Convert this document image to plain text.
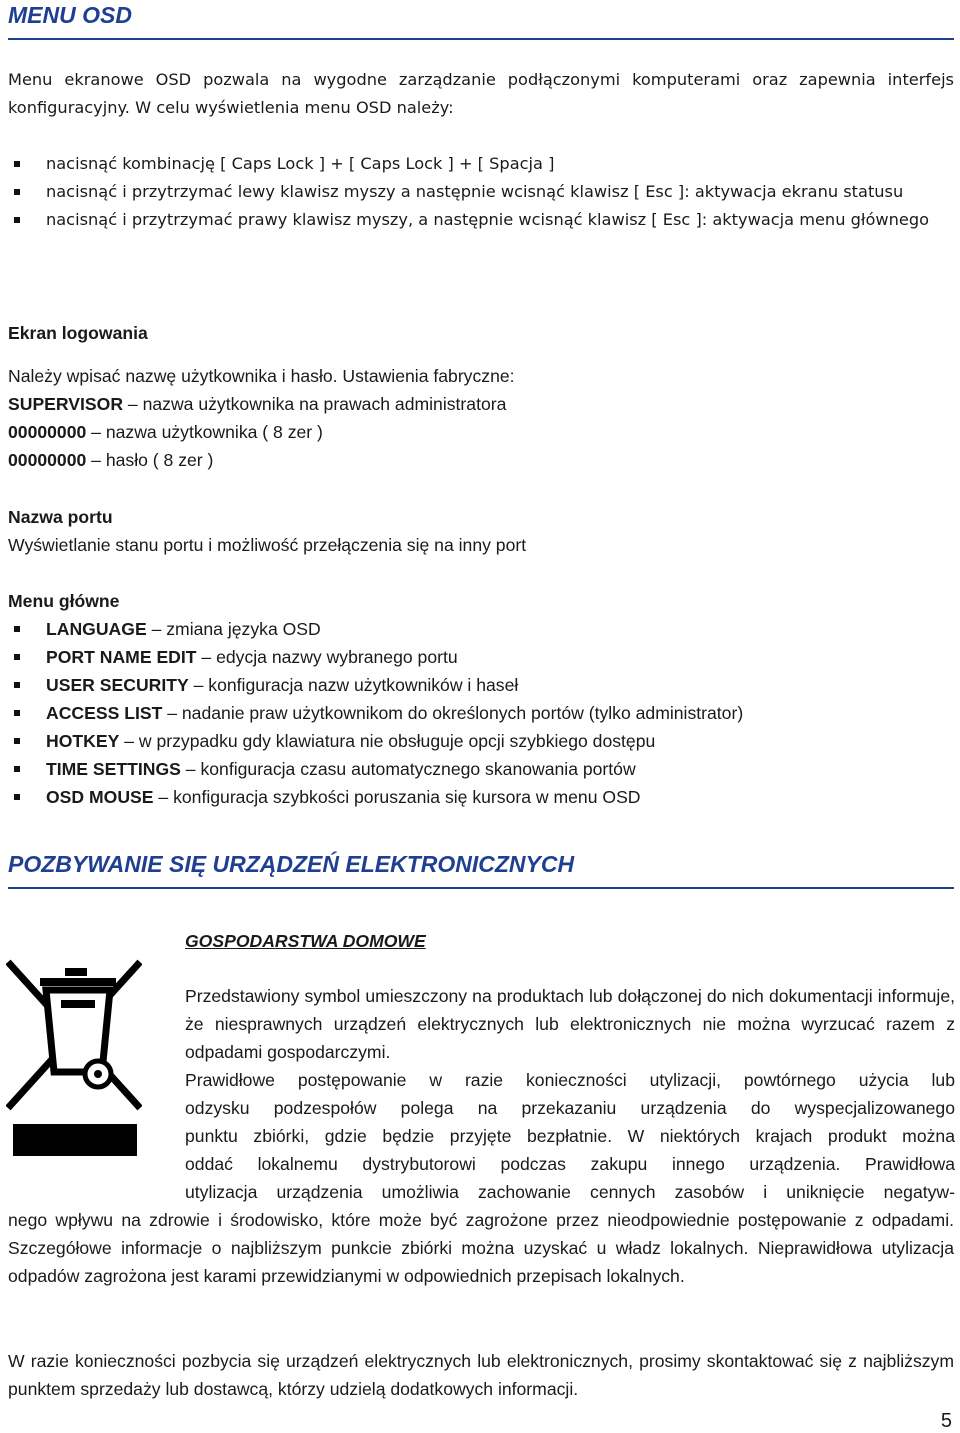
MENU OSD
Menu ekranowe OSD pozwala na wygodne zarządzanie podłączonymi komputerami oraz zapewnia interfejs konfiguracyjny. W celu wyświetlenia menu OSD należy:
nacisnąć kombinację [ Caps Lock ] + [ Caps Lock ] + [ Spacja ]
nacisnąć i przytrzymać lewy klawisz myszy a następnie wcisnąć klawisz [ Esc ]: aktywacja ekranu statusu
nacisnąć i przytrzymać prawy klawisz myszy, a następnie wcisnąć klawisz [ Esc ]: aktywacja menu głównego
Ekran logowania
Należy wpisać nazwę użytkownika i hasło. Ustawienia fabryczne:
SUPERVISOR – nazwa użytkownika na prawach administratora
00000000 – nazwa użytkownika ( 8 zer )
00000000 – hasło ( 8 zer )
Nazwa portu
Wyświetlanie stanu portu i możliwość przełączenia się na inny port
Menu główne
LANGUAGE – zmiana języka OSD
PORT NAME EDIT – edycja nazwy wybranego portu
USER SECURITY – konfiguracja nazw użytkowników i haseł
ACCESS LIST – nadanie praw użytkownikom do określonych portów (tylko administrator)
HOTKEY – w przypadku gdy klawiatura nie obsługuje opcji szybkiego dostępu
TIME SETTINGS – konfiguracja czasu automatycznego skanowania portów
OSD MOUSE – konfiguracja szybkości poruszania się kursora w menu OSD
POZBYWANIE SIĘ URZĄDZEŃ ELEKTRONICZNYCH
GOSPODARSTWA DOMOWE
Przedstawiony symbol umieszczony na produktach lub dołączonej do nich dokumentacji informuje, że niesprawnych urządzeń elektrycznych lub elektronicznych nie można wyrzucać razem z odpadami gospodarczymi.
Prawidłowe postępowanie w razie konieczności utylizacji, powtórnego użycia lub
odzysku podzespołów polega na przekazaniu urządzenia do wyspecjalizowanego
punktu zbiórki, gdzie będzie przyjęte bezpłatnie. W niektórych krajach produkt można
oddać lokalnemu dystrybutorowi podczas zakupu innego urządzenia. Prawidłowa
utylizacja urządzenia umożliwia zachowanie cennych zasobów i uniknięcie negatyw-
nego wpływu na zdrowie i środowisko, które może być zagrożone przez nieodpowiednie postępowanie z odpadami. Szczegółowe informacje o najbliższym punkcie zbiórki można uzyskać u władz lokalnych. Nieprawidłowa utylizacja odpadów zagrożona jest karami przewidzianymi w odpowiednich przepisach lokalnych.
W razie konieczności pozbycia się urządzeń elektrycznych lub elektronicznych, prosimy skontaktować się z najbliższym punktem sprzedaży lub dostawcą, którzy udzielą dodatkowych informacji.
5
